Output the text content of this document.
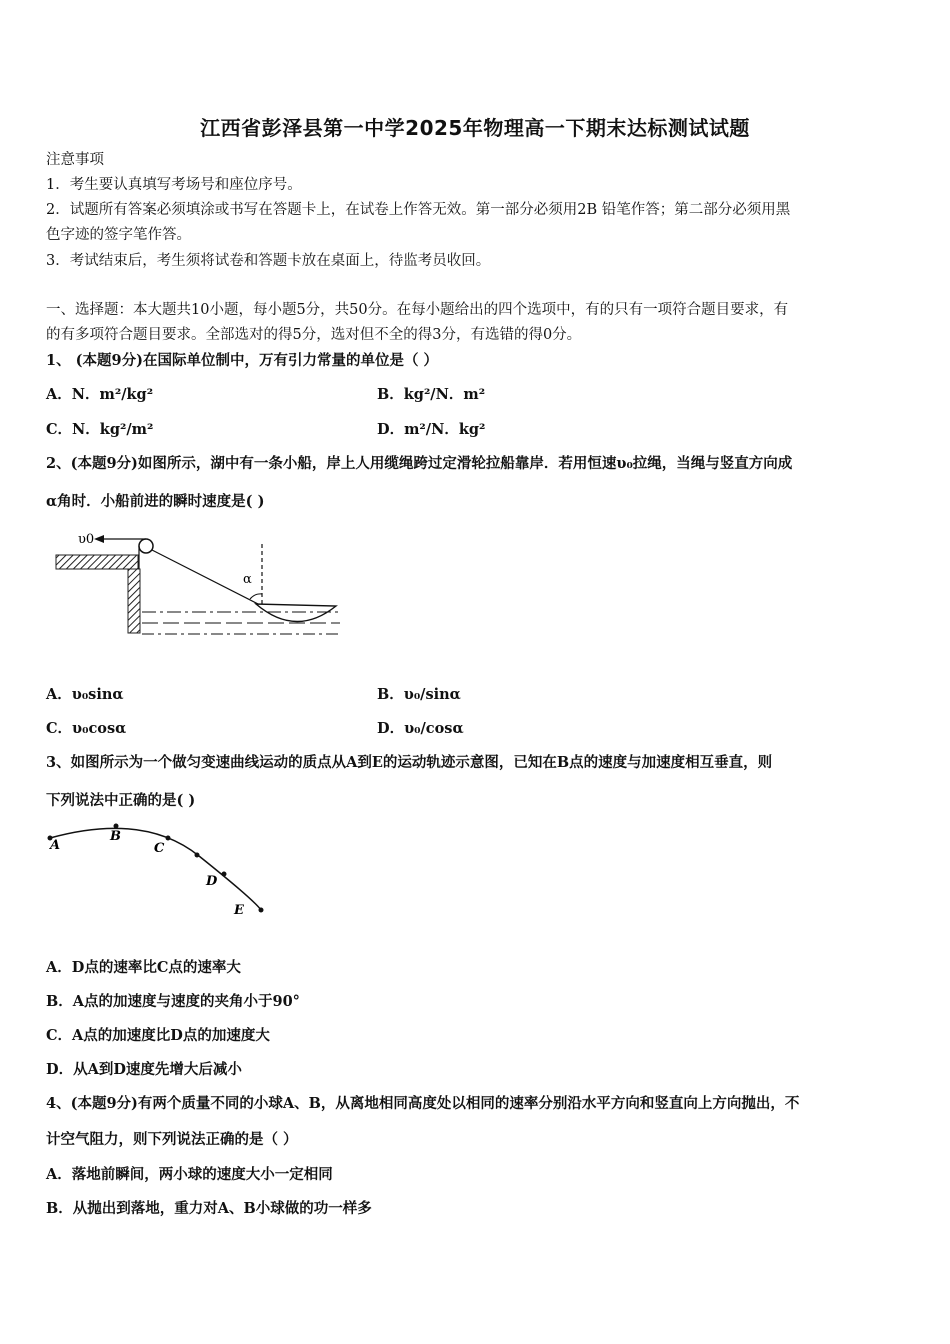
江西省彭泽县第一中学2025年物理高一下期末达标测试试题
注意事项
1．考生要认真填写考场号和座位序号。
2．试题所有答案必须填涂或书写在答题卡上，在试卷上作答无效。第一部分必须用2B 铅笔作答；第二部分必须用黑
色字迹的签字笔作答。
3．考试结束后，考生须将试卷和答题卡放在桌面上，待监考员收回。
一、选择题：本大题共10小题，每小题5分，共50分。在每小题给出的四个选项中，有的只有一项符合题目要求，有
的有多项符合题目要求。全部选对的得5分，选对但不全的得3分，有选错的得0分。
1、 (本题9分)在国际单位制中，万有引力常量的单位是（ ）
A．N．m²/kg²	B．kg²/N．m²
C．N．kg²/m²	D．m²/N．kg²
2、(本题9分)如图所示，湖中有一条小船，岸上人用缆绳跨过定滑轮拉船靠岸．若用恒速υ₀拉绳，当绳与竖直方向成
α角时．小船前进的瞬时速度是( )
υ0
α
A．υ₀sinα	B．υ₀/sinα
C．υ₀cosα	D．υ₀/cosα
3、如图所示为一个做匀变速曲线运动的质点从A到E的运动轨迹示意图，已知在B点的速度与加速度相互垂直，则
下列说法中正确的是( )
A
B
C
D
E
A．D点的速率比C点的速率大
B．A点的加速度与速度的夹角小于90°
C．A点的加速度比D点的加速度大
D．从A到D速度先增大后减小
4、(本题9分)有两个质量不同的小球A、B，从离地相同高度处以相同的速率分别沿水平方向和竖直向上方向抛出，不
计空气阻力，则下列说法正确的是（ ）
A．落地前瞬间，两小球的速度大小一定相同
B．从抛出到落地，重力对A、B小球做的功一样多
